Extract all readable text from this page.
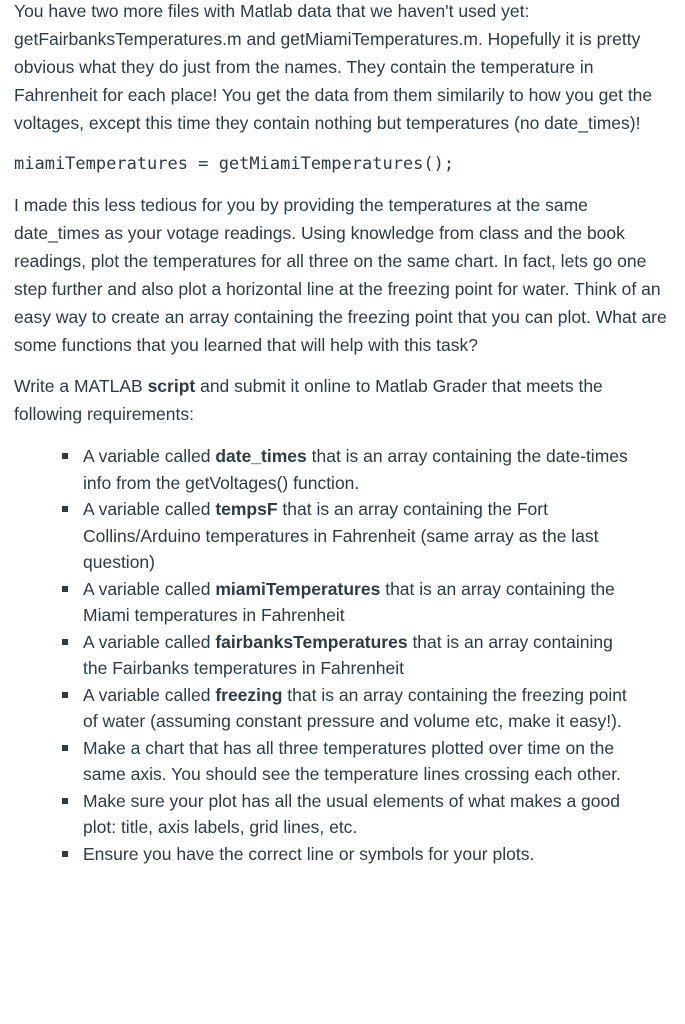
You have two more files with Matlab data that we haven't used yet: getFairbanksTemperatures.m and getMiamiTemperatures.m. Hopefully it is pretty obvious what they do just from the names. They contain the temperature in Fahrenheit for each place! You get the data from them similarily to how you get the voltages, except this time they contain nothing but temperatures (no date_times)!

miamiTemperatures = getMiamiTemperatures();

I made this less tedious for you by providing the temperatures at the same date_times as your votage readings. Using knowledge from class and the book readings, plot the temperatures for all three on the same chart. In fact, lets go one step further and also plot a horizontal line at the freezing point for water. Think of an easy way to create an array containing the freezing point that you can plot. What are some functions that you learned that will help with this task?

Write a MATLAB script and submit it online to Matlab Grader that meets the following requirements:

A variable called date_times that is an array containing the date-times info from the getVoltages() function.
A variable called tempsF that is an array containing the Fort Collins/Arduino temperatures in Fahrenheit (same array as the last question)
A variable called miamiTemperatures that is an array containing the Miami temperatures in Fahrenheit
A variable called fairbanksTemperatures that is an array containing the Fairbanks temperatures in Fahrenheit
A variable called freezing that is an array containing the freezing point of water (assuming constant pressure and volume etc, make it easy!).
Make a chart that has all three temperatures plotted over time on the same axis. You should see the temperature lines crossing each other.
Make sure your plot has all the usual elements of what makes a good plot: title, axis labels, grid lines, etc.
Ensure you have the correct line or symbols for your plots.
